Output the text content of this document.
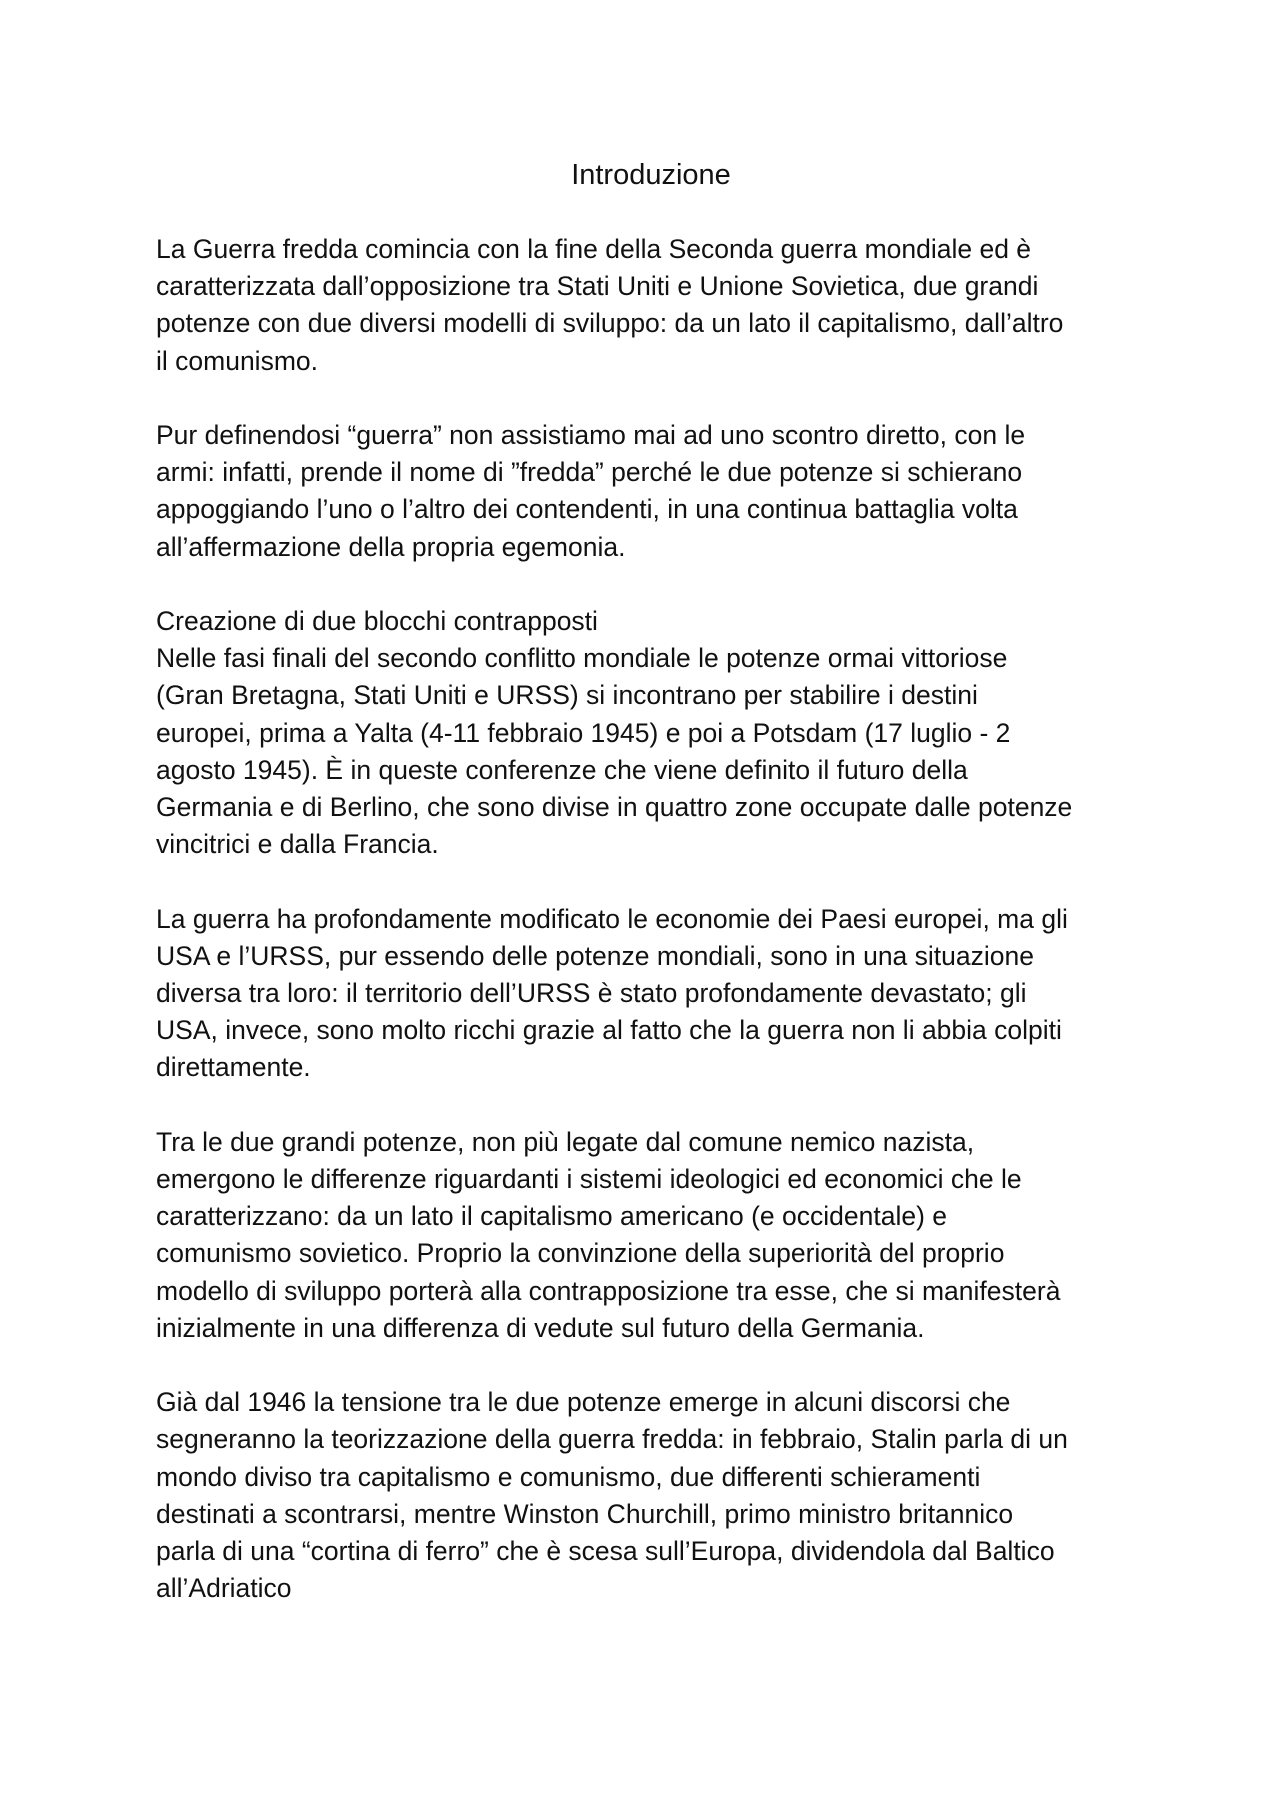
Introduzione
La Guerra fredda comincia con la fine della Seconda guerra mondiale ed è
caratterizzata dall’opposizione tra Stati Uniti e Unione Sovietica, due grandi
potenze con due diversi modelli di sviluppo: da un lato il capitalismo, dall’altro
il comunismo.
Pur definendosi “guerra” non assistiamo mai ad uno scontro diretto, con le
armi: infatti, prende il nome di ”fredda” perché le due potenze si schierano
appoggiando l’uno o l’altro dei contendenti, in una continua battaglia volta
all’affermazione della propria egemonia.
Creazione di due blocchi contrapposti
Nelle fasi finali del secondo conflitto mondiale le potenze ormai vittoriose
(Gran Bretagna, Stati Uniti e URSS) si incontrano per stabilire i destini
europei, prima a Yalta (4-11 febbraio 1945) e poi a Potsdam (17 luglio - 2
agosto 1945). È in queste conferenze che viene definito il futuro della
Germania e di Berlino, che sono divise in quattro zone occupate dalle potenze
vincitrici e dalla Francia.
La guerra ha profondamente modificato le economie dei Paesi europei, ma gli
USA e l’URSS, pur essendo delle potenze mondiali, sono in una situazione
diversa tra loro: il territorio dell’URSS è stato profondamente devastato; gli
USA, invece, sono molto ricchi grazie al fatto che la guerra non li abbia colpiti
direttamente.
Tra le due grandi potenze, non più legate dal comune nemico nazista,
emergono le differenze riguardanti i sistemi ideologici ed economici che le
caratterizzano: da un lato il capitalismo americano (e occidentale) e
comunismo sovietico. Proprio la convinzione della superiorità del proprio
modello di sviluppo porterà alla contrapposizione tra esse, che si manifesterà
inizialmente in una differenza di vedute sul futuro della Germania.
Già dal 1946 la tensione tra le due potenze emerge in alcuni discorsi che
segneranno la teorizzazione della guerra fredda: in febbraio, Stalin parla di un
mondo diviso tra capitalismo e comunismo, due differenti schieramenti
destinati a scontrarsi, mentre Winston Churchill, primo ministro britannico
parla di una “cortina di ferro” che è scesa sull’Europa, dividendola dal Baltico
all’Adriatico
